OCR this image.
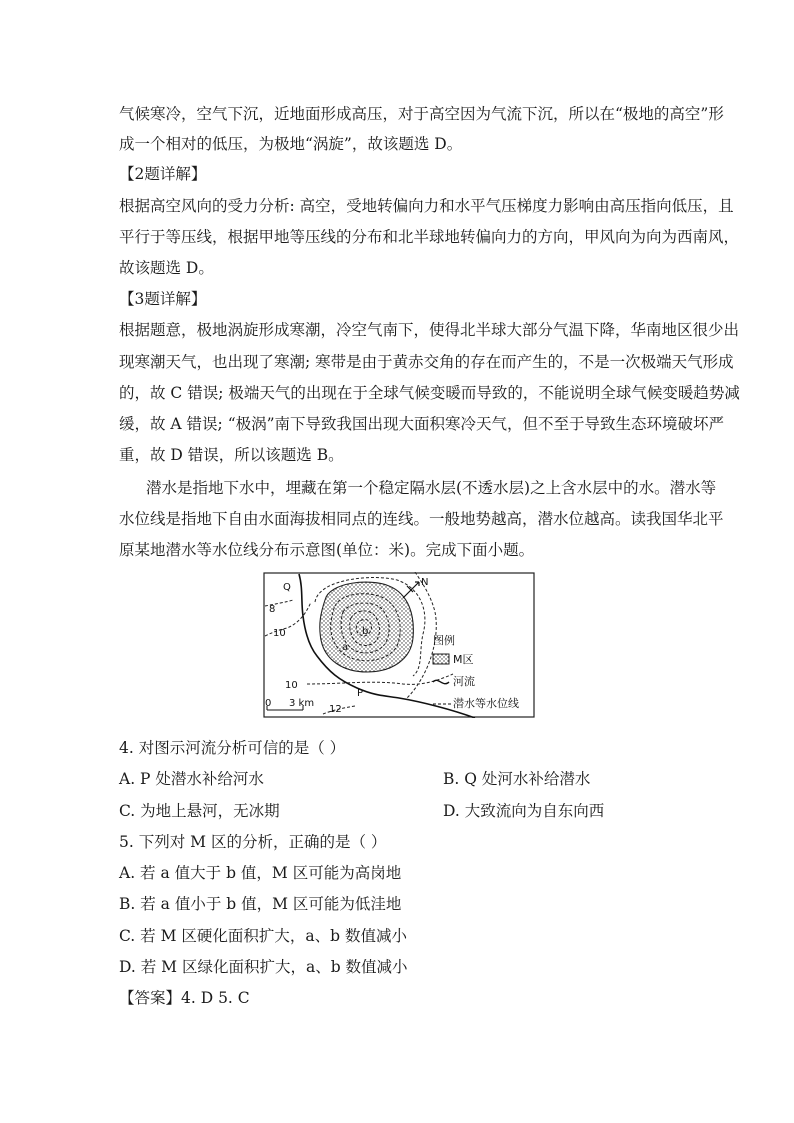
气候寒冷，空气下沉，近地面形成高压，对于高空因为气流下沉，所以在“极地的高空”形
成一个相对的低压，为极地“涡旋”，故该题选 D。
【2题详解】
根据高空风向的受力分析: 高空，受地转偏向力和水平气压梯度力影响由高压指向低压，且
平行于等压线，根据甲地等压线的分布和北半球地转偏向力的方向，甲风向为向为西南风，
故该题选 D。
【3题详解】
根据题意，极地涡旋形成寒潮，冷空气南下，使得北半球大部分气温下降，华南地区很少出
现寒潮天气，也出现了寒潮; 寒带是由于黄赤交角的存在而产生的，不是一次极端天气形成
的，故 C 错误; 极端天气的出现在于全球气候变暖而导致的，不能说明全球气候变暖趋势减
缓，故 A 错误; “极涡”南下导致我国出现大面积寒冷天气，但不至于导致生态环境破坏严
重，故 D 错误，所以该题选 B。
潜水是指地下水中，埋藏在第一个稳定隔水层(不透水层)之上含水层中的水。潜水等
水位线是指地下自由水面海拔相同点的连线。一般地势越高，潜水位越高。读我国华北平
原某地潜水等水位线分布示意图(单位：米)。完成下面小题。
N
Q
P
a
b
8
10
10
12
0 3 km
图例
M区
河流
潜水等水位线
4. 对图示河流分析可信的是（ ）
A. P 处潜水补给河水	B. Q 处河水补给潜水
C. 为地上悬河，无冰期	D. 大致流向为自东向西
5. 下列对 M 区的分析，正确的是（ ）
A. 若 a 值大于 b 值，M 区可能为高岗地
B. 若 a 值小于 b 值，M 区可能为低洼地
C. 若 M 区硬化面积扩大，a、b 数值减小
D. 若 M 区绿化面积扩大，a、b 数值减小
【答案】4. D 5. C
